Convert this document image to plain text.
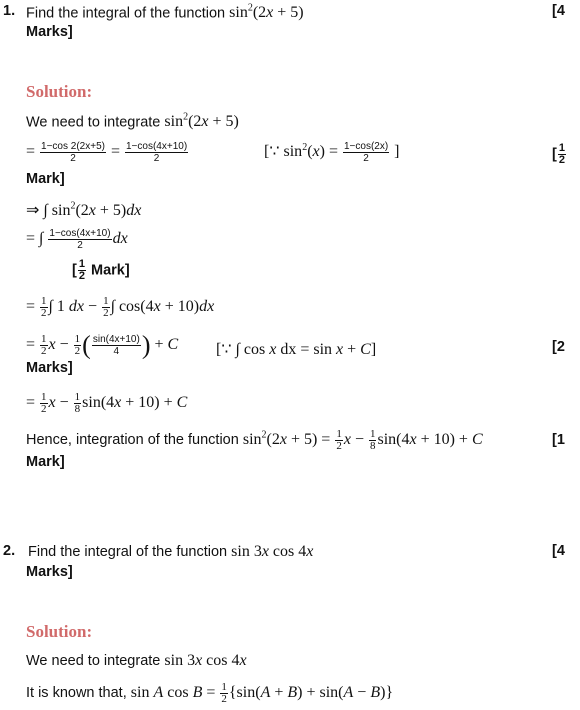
1. Find the integral of the function $\sin^2(2x + 5)$	[4
Marks]
Solution:
We need to integrate $\sin^2(2x + 5)$
= $\frac{1-\cos 2(2x+5)}{2} = \frac{1-\cos(4x+10)}{2}$	[∵ $\sin^2(x) = \frac{1-\cos(2x)}{2}$ ]	[ $\frac{1}{2}$
Mark]
⇒ ∫ $\sin^2(2x + 5)dx$
= ∫ $\frac{1-\cos(4x+10)}{2}$ dx
[ $\frac{1}{2}$ Mark]
= $\frac{1}{2}$ ∫ 1 dx − $\frac{1}{2}$ ∫ cos(4x + 10)dx
= $\frac{1}{2}$ $x - \frac{1}{2}$ ( $\frac{\sin(4x+10)}{4}$ ) + C [∵ ∫ cos x dx = sin x + C]	[2
Marks]
= $\frac{1}{2}$ $x - \frac{1}{8} \sin(4x + 10) + C$
Hence, integration of the function $\sin^2(2x + 5) = \frac{1}{2}$ $x - \frac{1}{8} \sin(4x + 10) + C$	[1
Mark]
2. Find the integral of the function sin 3x cos 4x	[4
Marks]
Solution:
We need to integrate sin 3x cos 4x
It is known that, sin A $\cos B = \frac{1}{2} \{\sin(A + B) + \sin(A - B)\}$
